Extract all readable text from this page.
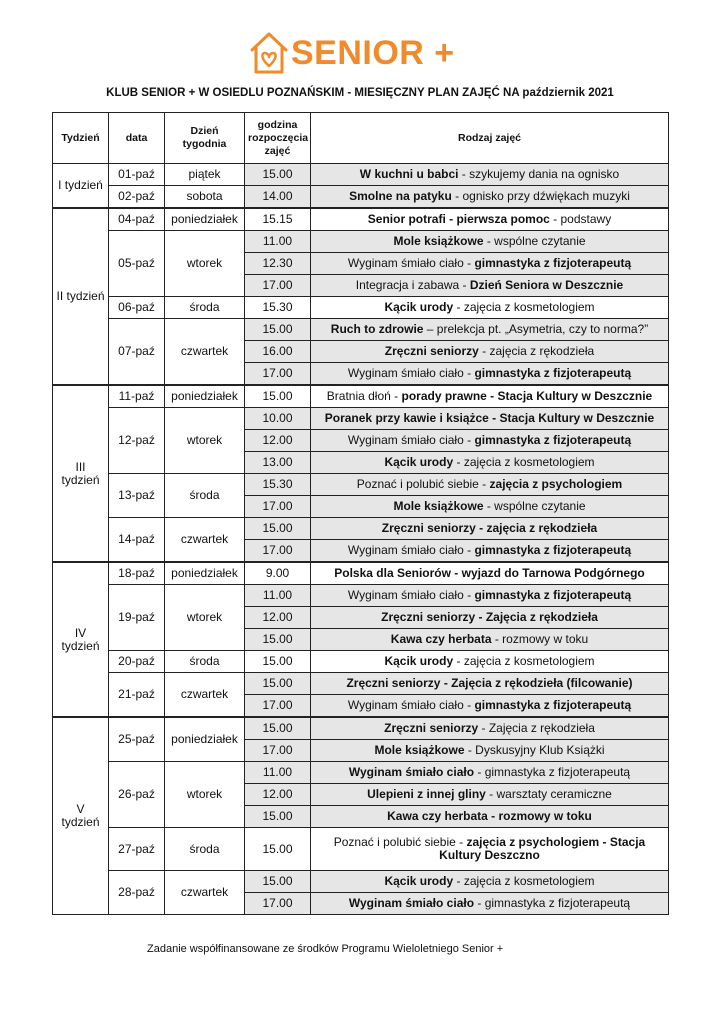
SENIOR +
KLUB SENIOR + W OSIEDLU POZNAŃSKIM - MIESIĘCZNY PLAN ZAJĘĆ NA październik 2021
Tydzień	data	Dzień tygodnia	godzina rozpoczęcia zajęć	Rodzaj zajęć
I tydzień	01-paź	piątek	15.00	W kuchni u babci - szykujemy dania na ognisko
	02-paź	sobota	14.00	Smolne na patyku - ognisko przy dźwiękach muzyki
II tydzień	04-paź	poniedziałek	15.15	Senior potrafi - pierwsza pomoc - podstawy
	05-paź	wtorek	11.00	Mole książkowe - wspólne czytanie
			12.30	Wyginam śmiało ciało - gimnastyka z fizjoterapeutą
			17.00	Integracja i zabawa - Dzień Seniora w Deszcznie
	06-paź	środa	15.30	Kącik urody - zajęcia z kosmetologiem
	07-paź	czwartek	15.00	Ruch to zdrowie – prelekcja pt. „Asymetria, czy to norma?”
			16.00	Zręczni seniorzy - zajęcia z rękodzieła
			17.00	Wyginam śmiało ciało - gimnastyka z fizjoterapeutą
III tydzień	11-paź	poniedziałek	15.00	Bratnia dłoń - porady prawne - Stacja Kultury w Deszcznie
	12-paź	wtorek	10.00	Poranek przy kawie i książce - Stacja Kultury w Deszcznie
			12.00	Wyginam śmiało ciało - gimnastyka z fizjoterapeutą
			13.00	Kącik urody - zajęcia z kosmetologiem
	13-paź	środa	15.30	Poznać i polubić siebie - zajęcia z psychologiem
			17.00	Mole książkowe - wspólne czytanie
	14-paź	czwartek	15.00	Zręczni seniorzy - zajęcia z rękodzieła
			17.00	Wyginam śmiało ciało - gimnastyka z fizjoterapeutą
IV tydzień	18-paź	poniedziałek	9.00	Polska dla Seniorów - wyjazd do Tarnowa Podgórnego
	19-paź	wtorek	11.00	Wyginam śmiało ciało - gimnastyka z fizjoterapeutą
			12.00	Zręczni seniorzy - Zajęcia z rękodzieła
			15.00	Kawa czy herbata - rozmowy w toku
	20-paź	środa	15.00	Kącik urody - zajęcia z kosmetologiem
	21-paź	czwartek	15.00	Zręczni seniorzy - Zajęcia z rękodzieła (filcowanie)
			17.00	Wyginam śmiało ciało - gimnastyka z fizjoterapeutą
V tydzień	25-paź	poniedziałek	15.00	Zręczni seniorzy - Zajęcia z rękodzieła
			17.00	Mole książkowe - Dyskusyjny Klub Książki
	26-paź	wtorek	11.00	Wyginam śmiało ciało - gimnastyka z fizjoterapeutą
			12.00	Ulepieni z innej gliny - warsztaty ceramiczne
			15.00	Kawa czy herbata - rozmowy w toku
	27-paź	środa	15.00	Poznać i polubić siebie - zajęcia z psychologiem - Stacja Kultury Deszczno
	28-paź	czwartek	15.00	Kącik urody - zajęcia z kosmetologiem
			17.00	Wyginam śmiało ciało - gimnastyka z fizjoterapeutą
Zadanie współfinansowane ze środków Programu Wieloletniego Senior +
